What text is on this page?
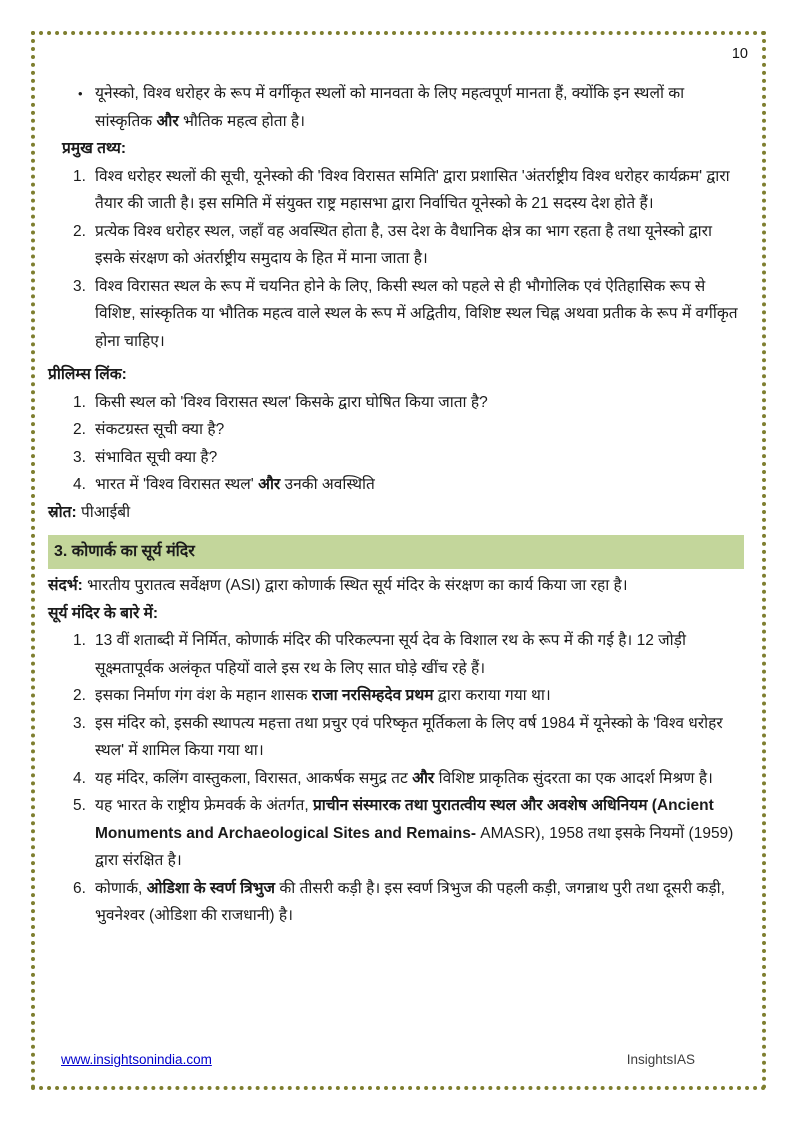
10
• यूनेस्को, विश्व धरोहर के रूप में वर्गीकृत स्थलों को मानवता के लिए महत्वपूर्ण मानता हैं, क्योंकि इन स्थलों का सांस्कृतिक और भौतिक महत्व होता है।
प्रमुख तथ्य:
1. विश्व धरोहर स्थलों की सूची, यूनेस्को की 'विश्व विरासत समिति' द्वारा प्रशासित 'अंतर्राष्ट्रीय विश्व धरोहर कार्यक्रम' द्वारा तैयार की जाती है। इस समिति में संयुक्त राष्ट्र महासभा द्वारा निर्वाचित यूनेस्को के 21 सदस्य देश होते हैं।
2. प्रत्येक विश्व धरोहर स्थल, जहाँ वह अवस्थित होता है, उस देश के वैधानिक क्षेत्र का भाग रहता है तथा यूनेस्को द्वारा इसके संरक्षण को अंतर्राष्ट्रीय समुदाय के हित में माना जाता है।
3. विश्व विरासत स्थल के रूप में चयनित होने के लिए, किसी स्थल को पहले से ही भौगोलिक एवं ऐतिहासिक रूप से विशिष्ट, सांस्कृतिक या भौतिक महत्व वाले स्थल के रूप में अद्वितीय, विशिष्ट स्थल चिह्न अथवा प्रतीक के रूप में वर्गीकृत होना चाहिए।
प्रीलिम्स लिंक:
1. किसी स्थल को 'विश्व विरासत स्थल' किसके द्वारा घोषित किया जाता है?
2. संकटग्रस्त सूची क्या है?
3. संभावित सूची क्या है?
4. भारत में 'विश्व विरासत स्थल' और उनकी अवस्थिति
स्रोत: पीआईबी
3. कोणार्क का सूर्य मंदिर
संदर्भ: भारतीय पुरातत्व सर्वेक्षण (ASI) द्वारा कोणार्क स्थित सूर्य मंदिर के संरक्षण का कार्य किया जा रहा है।
सूर्य मंदिर के बारे में:
1. 13 वीं शताब्दी में निर्मित, कोणार्क मंदिर की परिकल्पना सूर्य देव के विशाल रथ के रूप में की गई है। 12 जोड़ी सूक्ष्मतापूर्वक अलंकृत पहियों वाले इस रथ के लिए सात घोड़े खींच रहे हैं।
2. इसका निर्माण गंग वंश के महान शासक राजा नरसिम्हदेव प्रथम द्वारा कराया गया था।
3. इस मंदिर को, इसकी स्थापत्य महत्ता तथा प्रचुर एवं परिष्कृत मूर्तिकला के लिए वर्ष 1984 में यूनेस्को के 'विश्व धरोहर स्थल' में शामिल किया गया था।
4. यह मंदिर, कलिंग वास्तुकला, विरासत, आकर्षक समुद्र तट और विशिष्ट प्राकृतिक सुंदरता का एक आदर्श मिश्रण है।
5. यह भारत के राष्ट्रीय फ्रेमवर्क के अंतर्गत, प्राचीन संस्मारक तथा पुरातत्वीय स्थल और अवशेष अधिनियम (Ancient Monuments and Archaeological Sites and Remains- AMASR), 1958 तथा इसके नियमों (1959) द्वारा संरक्षित है।
6. कोणार्क, ओडिशा के स्वर्ण त्रिभुज की तीसरी कड़ी है। इस स्वर्ण त्रिभुज की पहली कड़ी, जगन्नाथ पुरी तथा दूसरी कड़ी, भुवनेश्वर (ओडिशा की राजधानी) है।
www.insightsonindia.com	InsightsIAS
